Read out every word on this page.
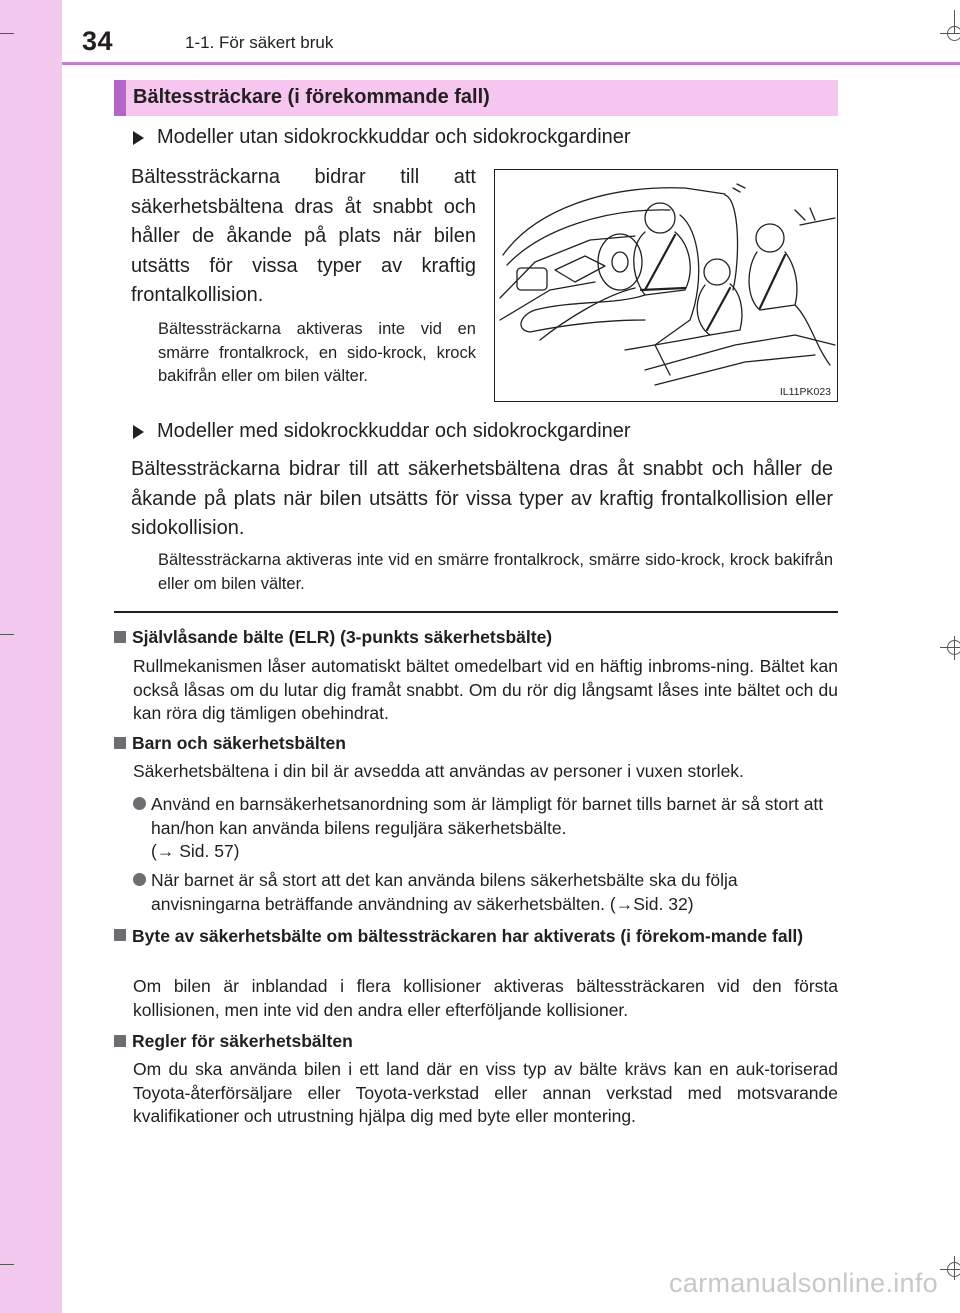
34	1-1. För säkert bruk
Bältessträckare (i förekommande fall)
Modeller utan sidokrockkuddar och sidokrockgardiner
Bältessträckarna bidrar till att säkerhetsbältena dras åt snabbt och håller de åkande på plats när bilen utsätts för vissa typer av kraftig frontalkollision.
Bältessträckarna aktiveras inte vid en smärre frontalkrock, en sido-krock, krock bakifrån eller om bilen välter.
IL11PK023
Modeller med sidokrockkuddar och sidokrockgardiner
Bältessträckarna bidrar till att säkerhetsbältena dras åt snabbt och håller de åkande på plats när bilen utsätts för vissa typer av kraftig frontalkollision eller sidokollision.
Bältessträckarna aktiveras inte vid en smärre frontalkrock, smärre sido-krock, krock bakifrån eller om bilen välter.
Självlåsande bälte (ELR) (3-punkts säkerhetsbälte)
Rullmekanismen låser automatiskt bältet omedelbart vid en häftig inbroms-ning. Bältet kan också låsas om du lutar dig framåt snabbt. Om du rör dig långsamt låses inte bältet och du kan röra dig tämligen obehindrat.
Barn och säkerhetsbälten
Säkerhetsbältena i din bil är avsedda att användas av personer i vuxen storlek.
Använd en barnsäkerhetsanordning som är lämpligt för barnet tills barnet är så stort att han/hon kan använda bilens reguljära säkerhetsbälte.
(→ Sid. 57)
När barnet är så stort att det kan använda bilens säkerhetsbälte ska du följa anvisningarna beträffande användning av säkerhetsbälten. (→Sid. 32)
Byte av säkerhetsbälte om bältessträckaren har aktiverats (i förekom-mande fall)
Om bilen är inblandad i flera kollisioner aktiveras bältessträckaren vid den första kollisionen, men inte vid den andra eller efterföljande kollisioner.
Regler för säkerhetsbälten
Om du ska använda bilen i ett land där en viss typ av bälte krävs kan en auk-toriserad Toyota-återförsäljare eller Toyota-verkstad eller annan verkstad med motsvarande kvalifikationer och utrustning hjälpa dig med byte eller montering.
carmanualsonline.info
